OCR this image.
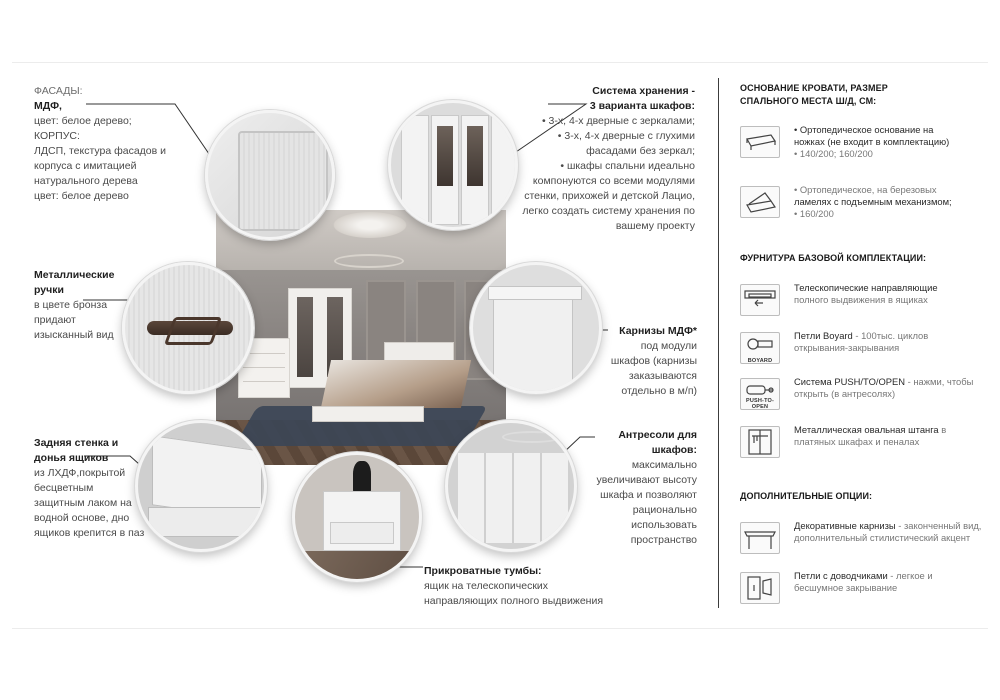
ФАСАДЫ:
МДФ,
цвет: белое дерево;
КОРПУС:
ЛДСП, текстура фасадов и
корпуса с имитацией
натурального дерева
цвет: белое дерево
Система хранения -
3 варианта шкафов:
• 3-х, 4-х дверные с зеркалами;
• 3-х, 4-х дверные с глухими
фасадами без зеркал;
• шкафы спальни идеально
компонуются со всеми модулями
стенки, прихожей и детской Лацио,
легко создать систему хранения по
вашему проекту
Металлические
ручки
в цвете бронза
придают
изысканный вид	Карнизы МДФ*
под модули
шкафов (карнизы
заказываются
отдельно в м/п)
Задняя стенка и
донья ящиков
из ЛХДФ,покрытой
бесцветным
защитным лаком на
водной основе, дно
ящиков крепится в паз
Антресоли для
шкафов:
максимально
увеличивают высоту
шкафа и позволяют
рационально
использовать
пространство
Прикроватные тумбы:
ящик на телескопических
направляющих полного выдвижения
ОСНОВАНИЕ КРОВАТИ, РАЗМЕР
СПАЛЬНОГО МЕСТА Ш/Д, СМ:
• Ортопедическое основание на
ножках (не входит в комплектацию)
• 140/200; 160/200
• Ортопедическое, на березовых
ламелях с подъемным механизмом;
• 160/200
ФУРНИТУРА БАЗОВОЙ КОМПЛЕКТАЦИИ:
Телескопические направляющие
полного выдвижения в ящиках
BOYARD
Петли Boyard - 100тыс. циклов открывания-закрывания
PUSH-TO-OPEN
Система PUSH/TO/OPEN - нажми, чтобы открыть (в антресолях)
Металлическая овальная штанга в платяных шкафах и пеналах
ДОПОЛНИТЕЛЬНЫЕ ОПЦИИ:
Декоративные карнизы - законченный вид, дополнительный стилистический акцент
Петли с доводчиками - легкое и бесшумное закрывание
